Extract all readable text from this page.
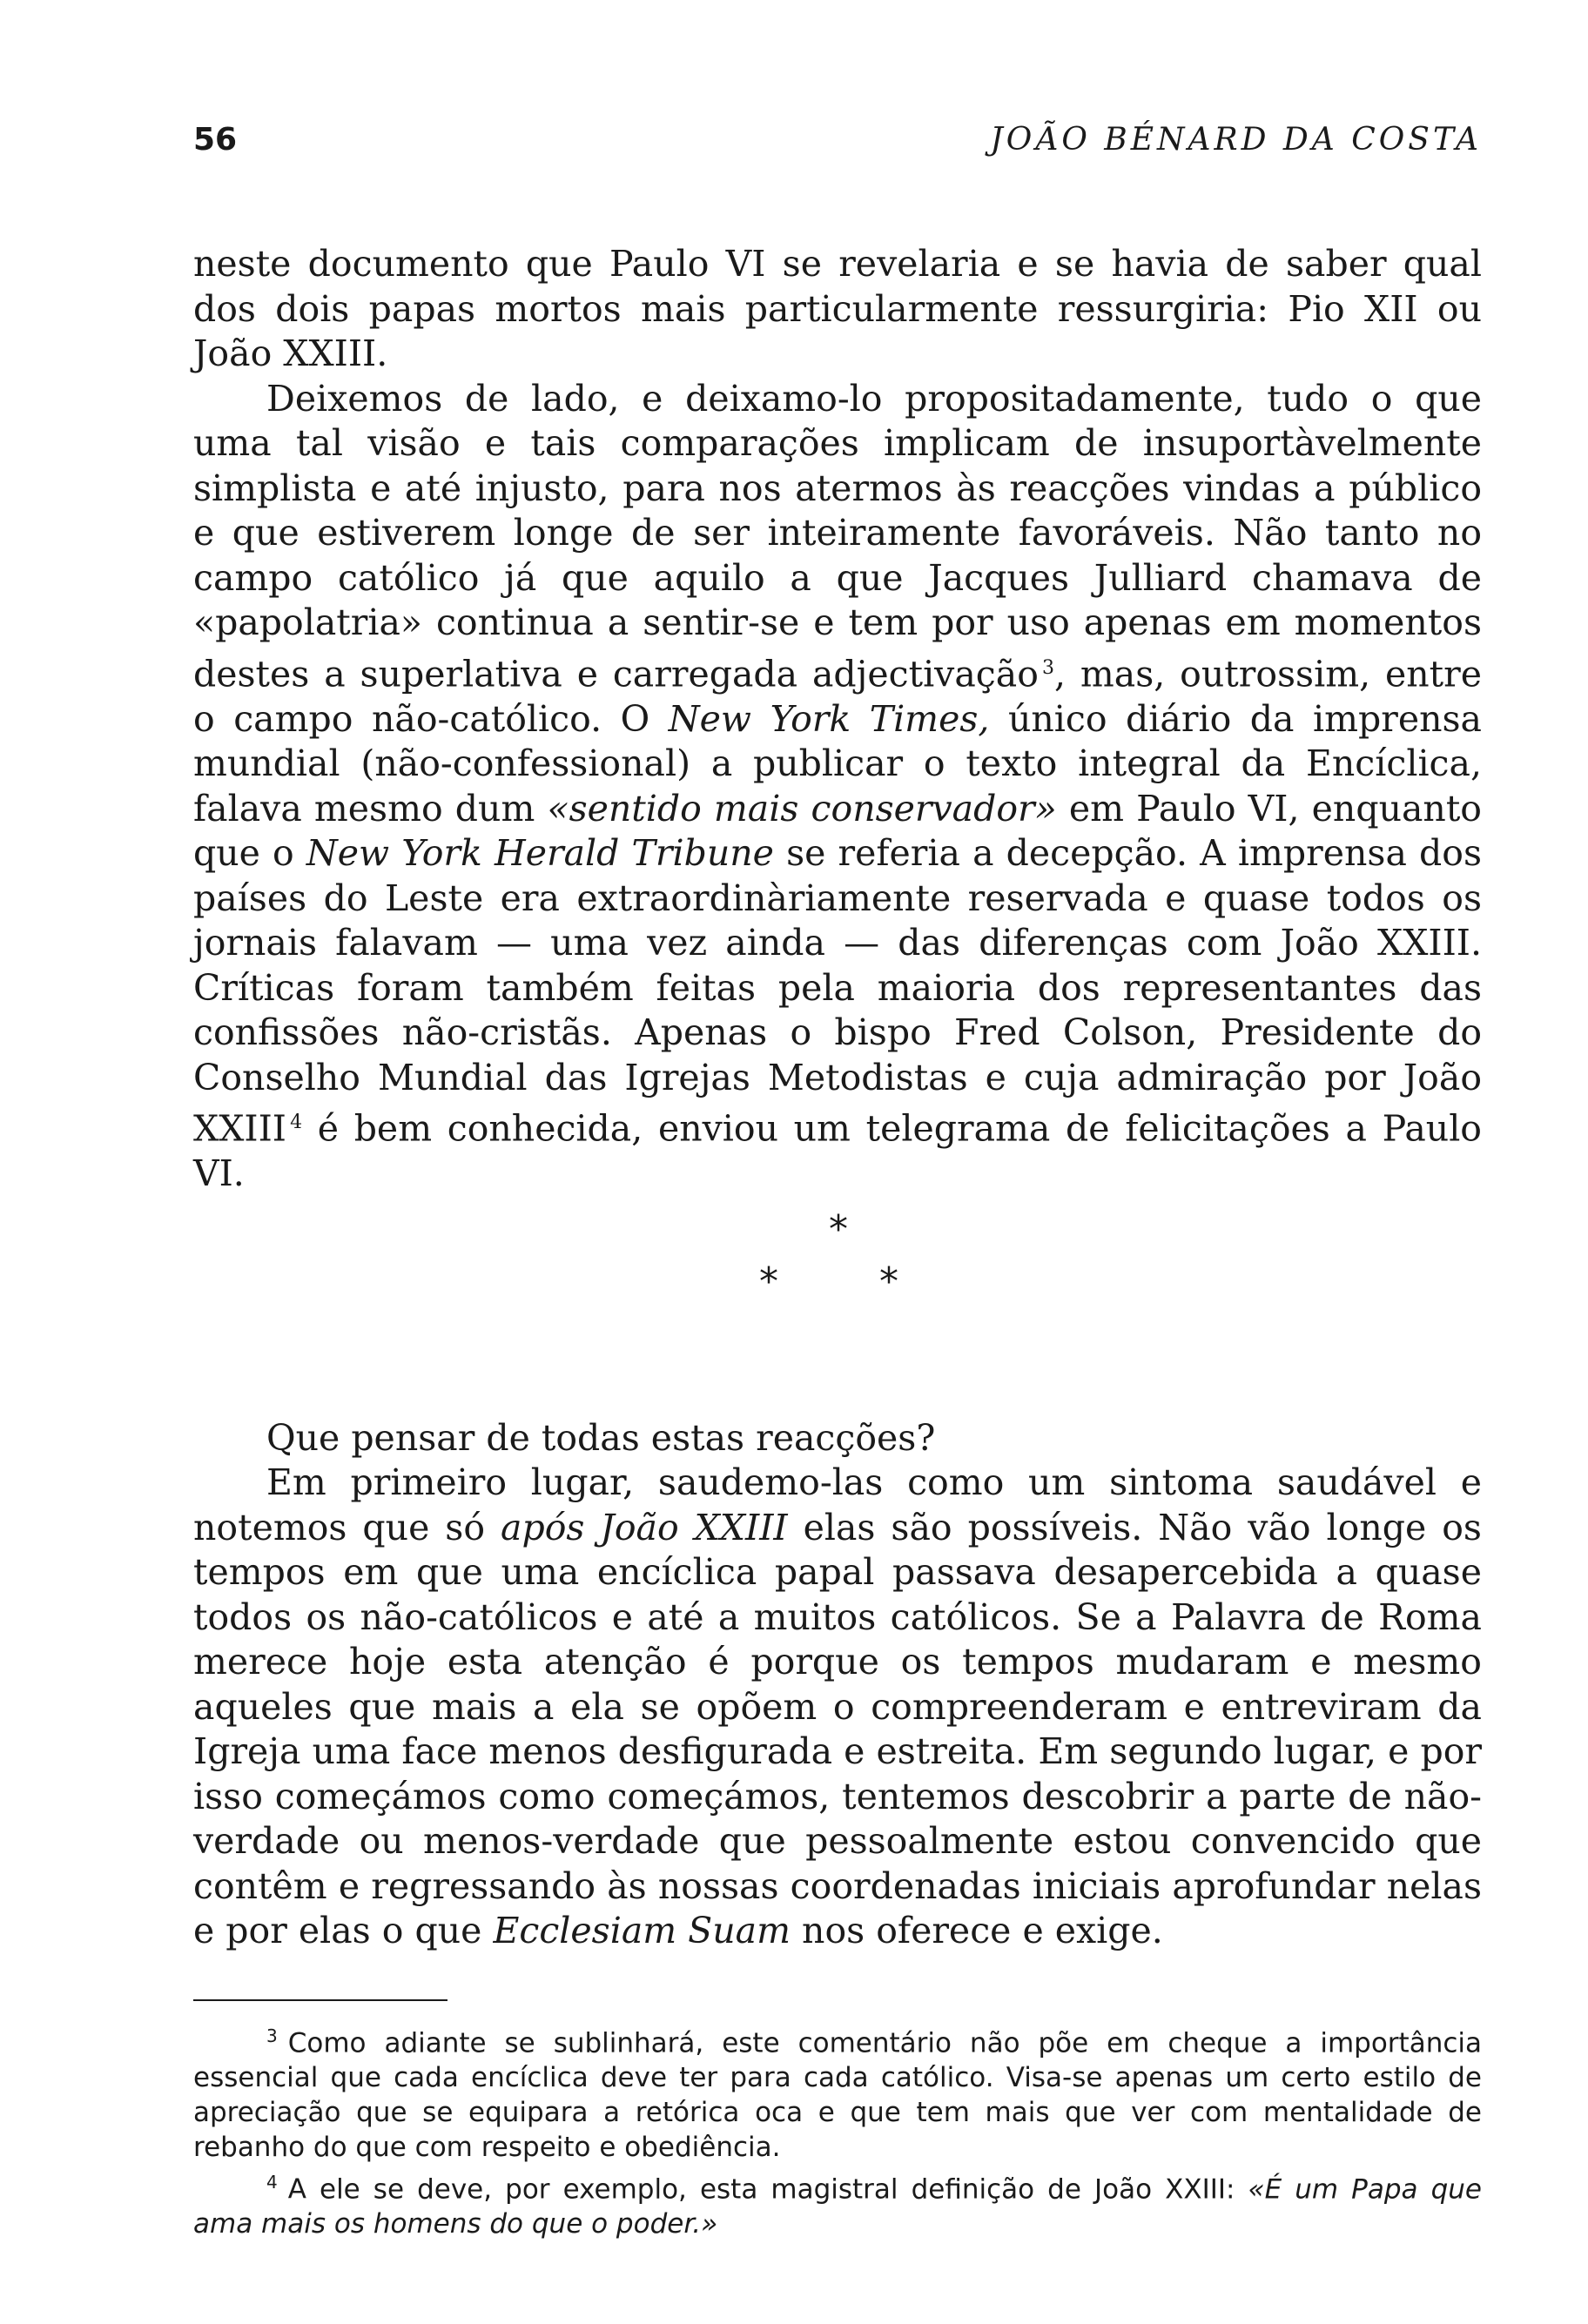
56	JOÃO BÉNARD DA COSTA

neste documento que Paulo VI se revelaria e se havia de saber qual dos dois papas mortos mais particularmente ressurgiria: Pio XII ou João XXIII.

Deixemos de lado, e deixamo-lo propositadamente, tudo o que uma tal visão e tais comparações implicam de insuportàvelmente simplista e até injusto, para nos atermos às reacções vindas a público e que estiverem longe de ser inteiramente favoráveis. Não tanto no campo católico já que aquilo a que Jacques Julliard chamava de «papolatria» continua a sentir-se e tem por uso apenas em momentos destes a superlativa e carregada adjectivação  $^3$, mas, outrossim, entre o campo não-católico. O New York Times, único diário da imprensa mundial (não-confessional) a publicar o texto integral da Encíclica, falava mesmo dum «sentido mais conservador» em Paulo VI, enquanto que o New York Herald Tribune se referia a decepção. A imprensa dos países do Leste era extraordinàriamente reservada e quase todos os jornais falavam — uma vez ainda — das diferenças com João XXIII. Críticas foram também feitas pela maioria dos representantes das confissões não-cristãs. Apenas o bispo Fred Colson, Presidente do Conselho Mundial das Igrejas Metodistas e cuja admiração por João XXIII  $^4$ é bem conhecida, enviou um telegrama de felicitações a Paulo VI.

*
*	*

Que pensar de todas estas reacções?

Em primeiro lugar, saudemo-las como um sintoma saudável e notemos que só após João XXIII elas são possíveis. Não vão longe os tempos em que uma encíclica papal passava desapercebida a quase todos os não-católicos e até a muitos católicos. Se a Palavra de Roma merece hoje esta atenção é porque os tempos mudaram e mesmo aqueles que mais a ela se opõem o compreenderam e entreviram da Igreja uma face menos desfigurada e estreita. Em segundo lugar, e por isso começámos como começámos, tentemos descobrir a parte de não-verdade ou menos-verdade que pessoalmente estou convencido que contêm e regressando às nossas coordenadas iniciais aprofundar nelas e por elas o que Ecclesiam Suam nos oferece e exige.

$^3$ Como adiante se sublinhará, este comentário não põe em cheque a importância essencial que cada encíclica deve ter para cada católico. Visa-se apenas um certo estilo de apreciação que se equipara a retórica oca e que tem mais que ver com mentalidade de rebanho do que com respeito e obediência.

$^4$ A ele se deve, por exemplo, esta magistral definição de João XXIII: «É um Papa que ama mais os homens do que o poder.»
